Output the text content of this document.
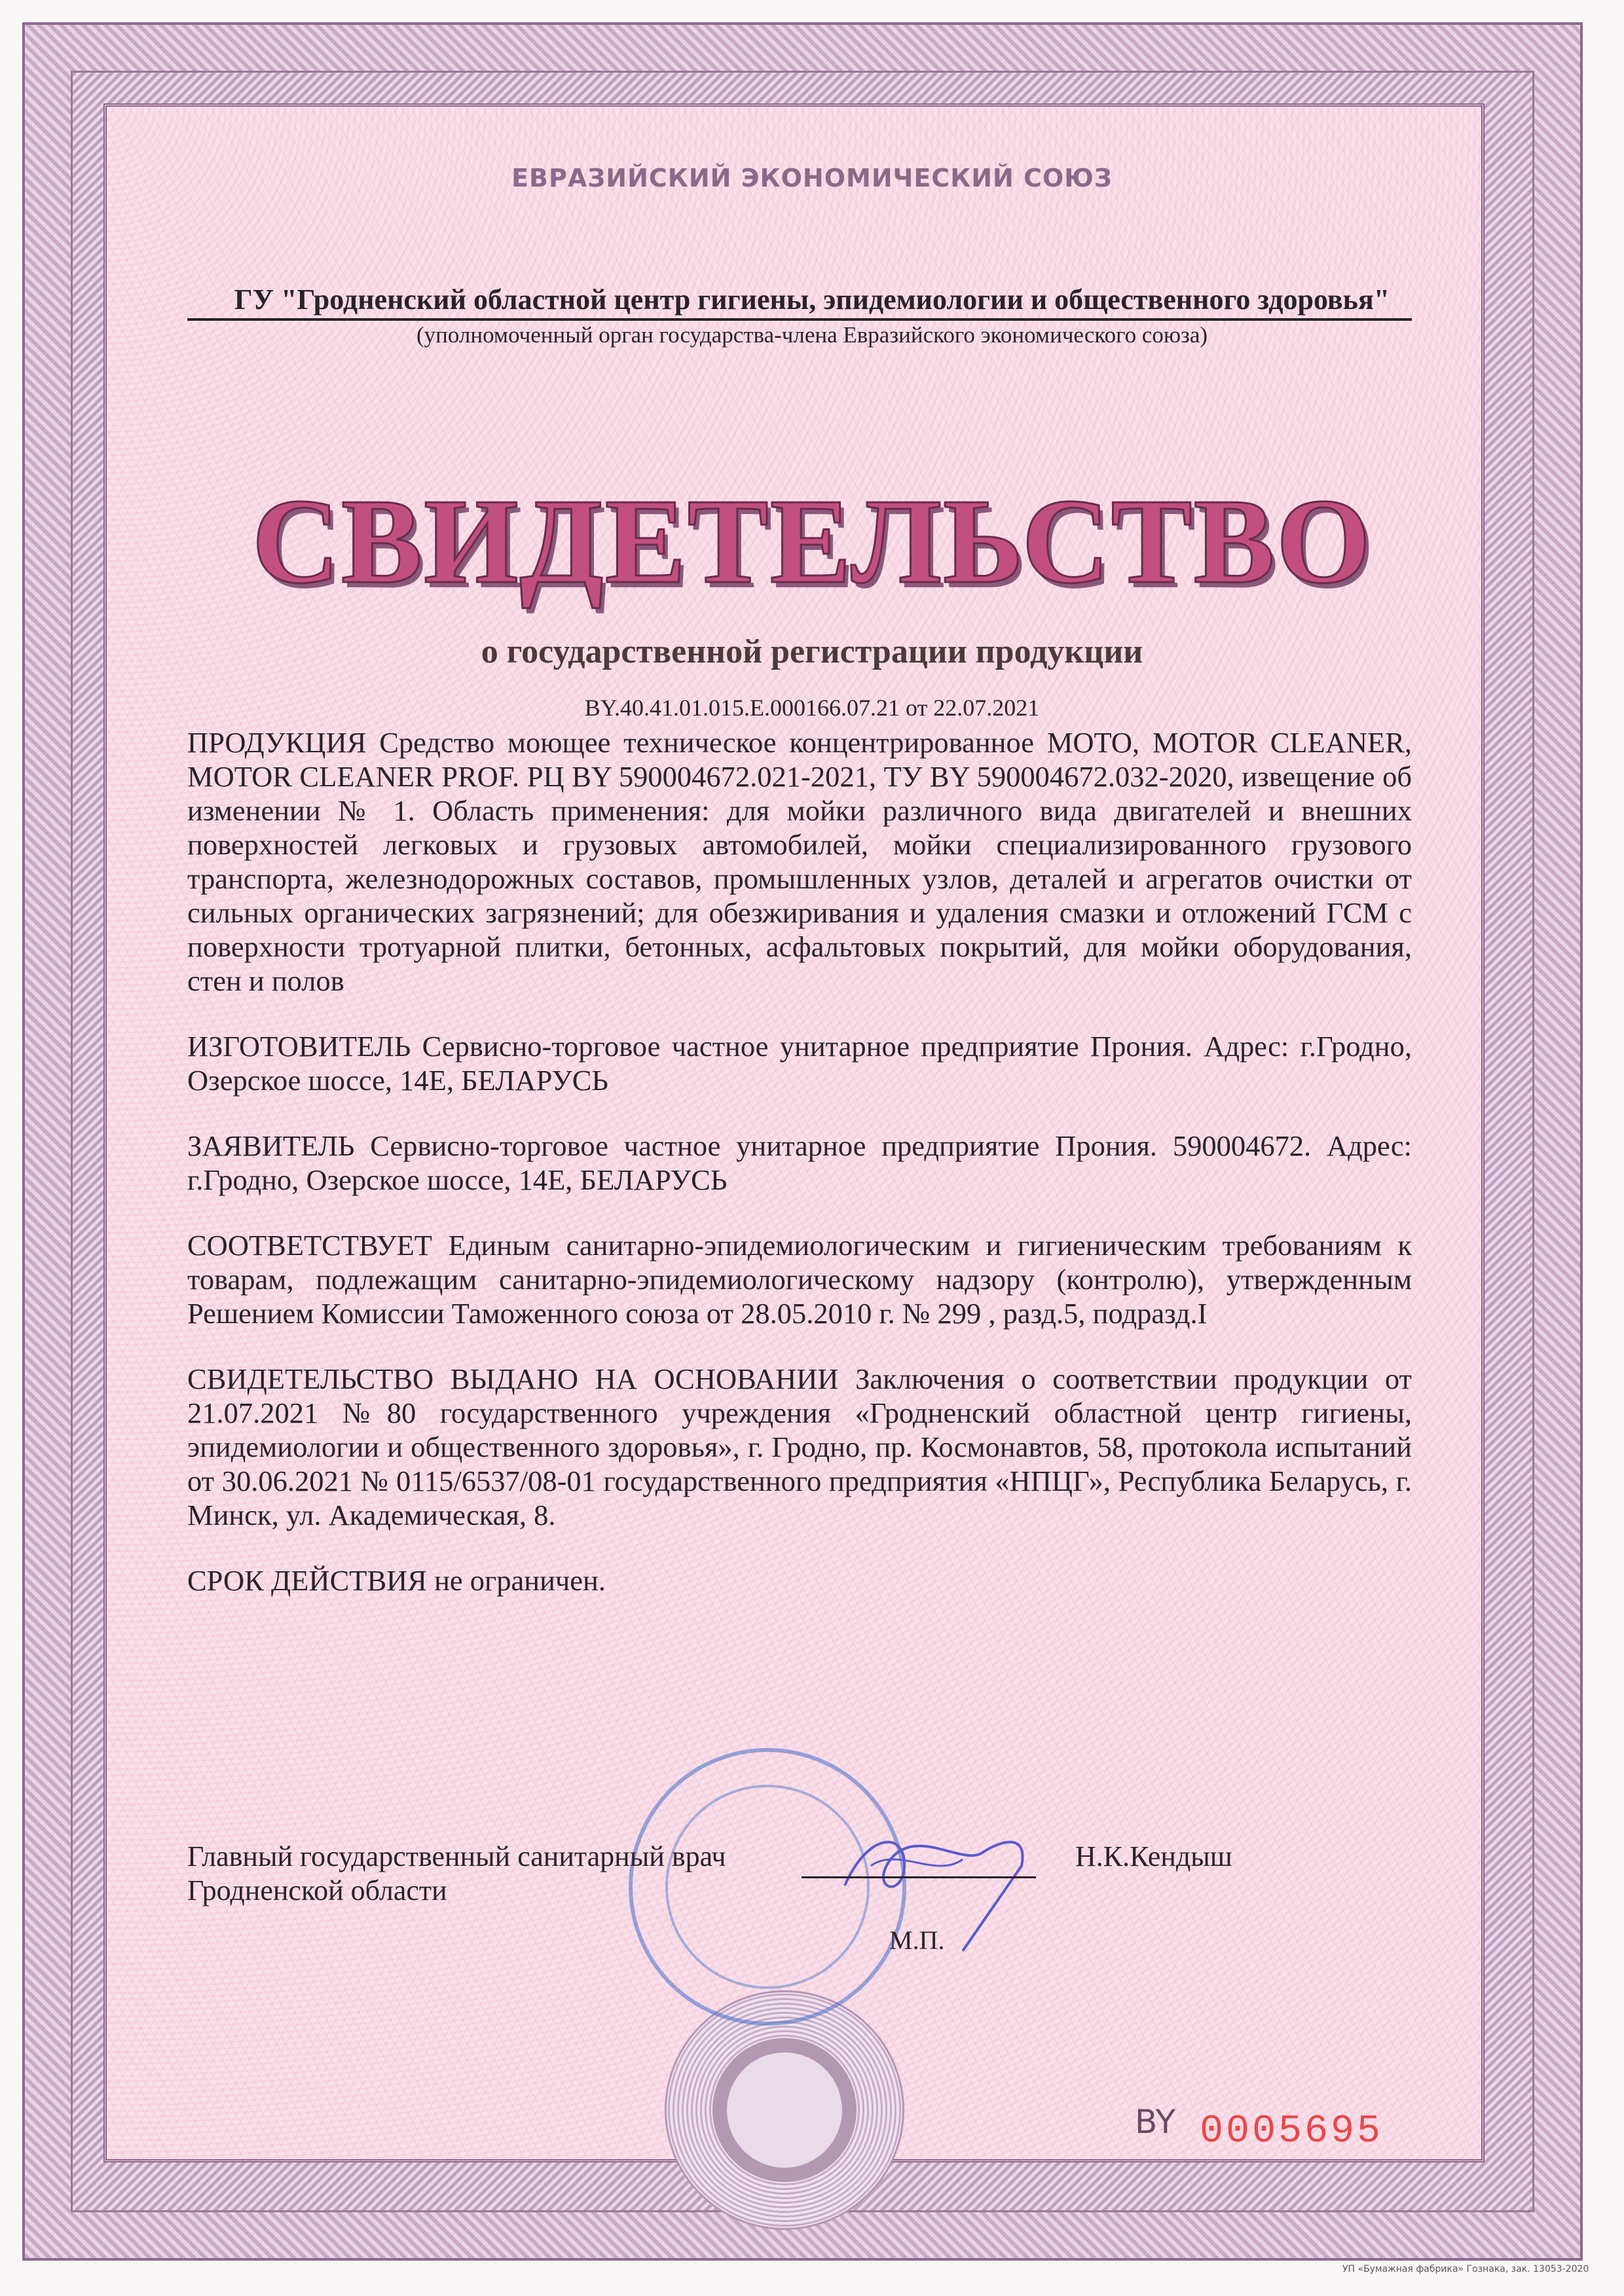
ЕВРАЗИЙСКИЙ ЭКОНОМИЧЕСКИЙ СОЮЗ
ГУ "Гродненский областной центр гигиены, эпидемиологии и общественного здоровья"
(уполномоченный орган государства-члена Евразийского экономического союза)
СВИДЕТЕЛЬСТВО
о государственной регистрации продукции
BY.40.41.01.015.E.000166.07.21 от 22.07.2021

ПРОДУКЦИЯ Средство моющее техническое концентрированное MOTO, MOTOR CLEANER, MOTOR CLEANER PROF. РЦ BY 590004672.021-2021, ТУ BY 590004672.032-2020, извещение об изменении № 1. Область применения: для мойки различного вида двигателей и внешних поверхностей легковых и грузовых автомобилей, мойки специализированного грузового транспорта, железнодорожных составов, промышленных узлов, деталей и агрегатов очистки от сильных органических загрязнений; для обезжиривания и удаления смазки и отложений ГСМ с поверхности тротуарной плитки, бетонных, асфальтовых покрытий, для мойки оборудования, стен и полов

ИЗГОТОВИТЕЛЬ Сервисно-торговое частное унитарное предприятие Прония. Адрес: г.Гродно, Озерское шоссе, 14Е, БЕЛАРУСЬ

ЗАЯВИТЕЛЬ Сервисно-торговое частное унитарное предприятие Прония. 590004672. Адрес: г.Гродно, Озерское шоссе, 14Е, БЕЛАРУСЬ

СООТВЕТСТВУЕТ Единым санитарно-эпидемиологическим и гигиеническим требованиям к товарам, подлежащим санитарно-эпидемиологическому надзору (контролю), утвержденным Решением Комиссии Таможенного союза от 28.05.2010 г. № 299 , разд.5, подразд.I

СВИДЕТЕЛЬСТВО ВЫДАНО НА ОСНОВАНИИ Заключения о соответствии продукции от 21.07.2021 №80 государственного учреждения «Гродненский областной центр гигиены, эпидемиологии и общественного здоровья», г. Гродно, пр. Космонавтов, 58, протокола испытаний от 30.06.2021 № 0115/6537/08-01 государственного предприятия «НПЦГ», Республика Беларусь, г. Минск, ул. Академическая, 8.

СРОК ДЕЙСТВИЯ не ограничен.

Главный государственный санитарный врач
Гродненской области
Н.К.Кендыш
М.П.
BY 0005695
УП «Бумажная фабрика» Гознака, зак. 13053-2020
